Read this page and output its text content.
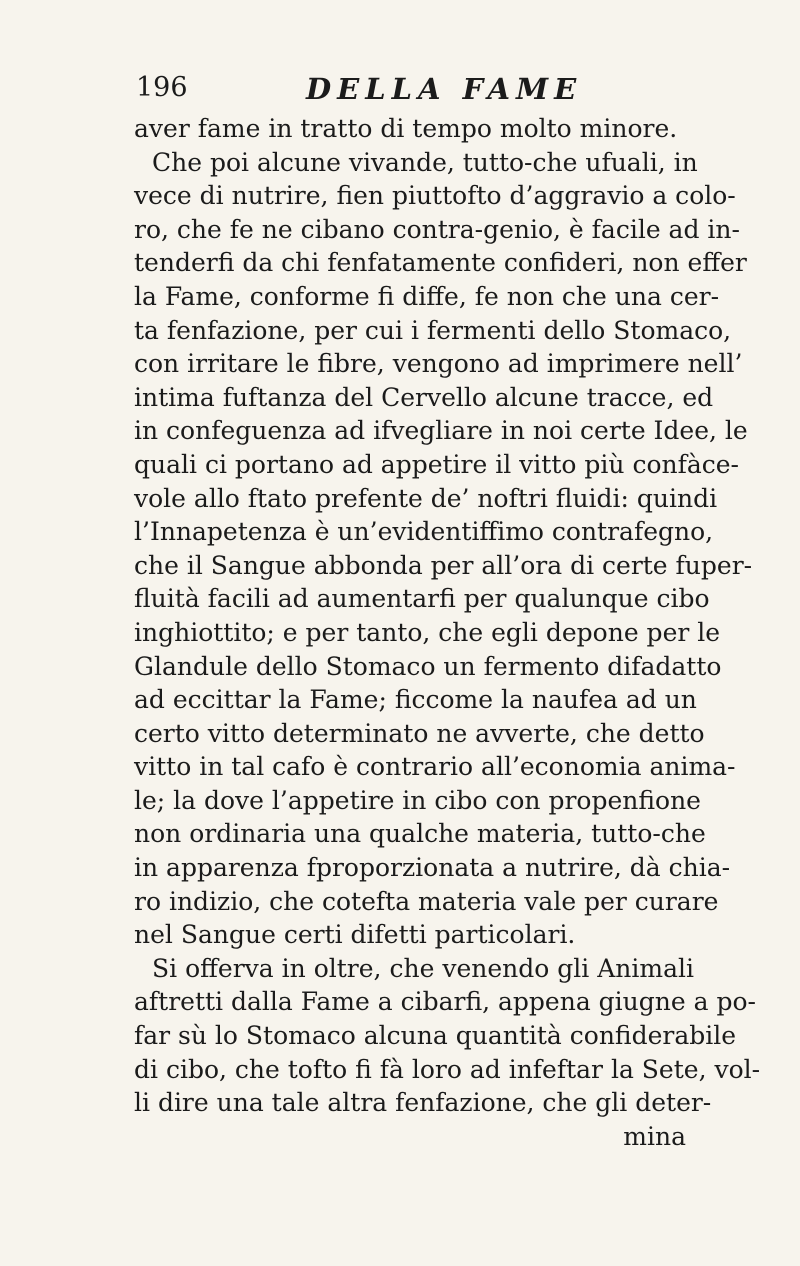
196	DELLA FAME
aver fame in tratto di tempo molto minore.
Che poi alcune vivande, tutto-che ufuali, in
vece di nutrire, fien piuttofto d’aggravio a colo-
ro, che fe ne cibano contra-genio, è facile ad in-
tenderfi da chi fenfatamente confideri, non effer
la Fame, conforme fi diffe, fe non che una cer-
ta fenfazione, per cui i fermenti dello Stomaco,
con irritare le fibre, vengono ad imprimere nell’
intima fuftanza del Cervello alcune tracce, ed
in confeguenza ad ifvegliare in noi certe Idee, le
quali ci portano ad appetire il vitto più confàce-
vole allo ftato prefente de’ noftri fluidi: quindi
l’Innapetenza è un’evidentiffimo contrafegno,
che il Sangue abbonda per all’ora di certe fuper-
fluità facili ad aumentarfi per qualunque cibo
inghiottito; e per tanto, che egli depone per le
Glandule dello Stomaco un fermento difadatto
ad eccittar la Fame; ficcome la naufea ad un
certo vitto determinato ne avverte, che detto
vitto in tal cafo è contrario all’economia anima-
le; la dove l’appetire in cibo con propenfione
non ordinaria una qualche materia, tutto-che
in apparenza fproporzionata a nutrire, dà chia-
ro indizio, che cotefta materia vale per curare
nel Sangue certi difetti particolari.
Si offerva in oltre, che venendo gli Animali
aftretti dalla Fame a cibarfi, appena giugne a po-
far sù lo Stomaco alcuna quantità confiderabile
di cibo, che tofto fi fà loro ad infeftar la Sete, vol-
li dire una tale altra fenfazione, che gli deter-
mina
